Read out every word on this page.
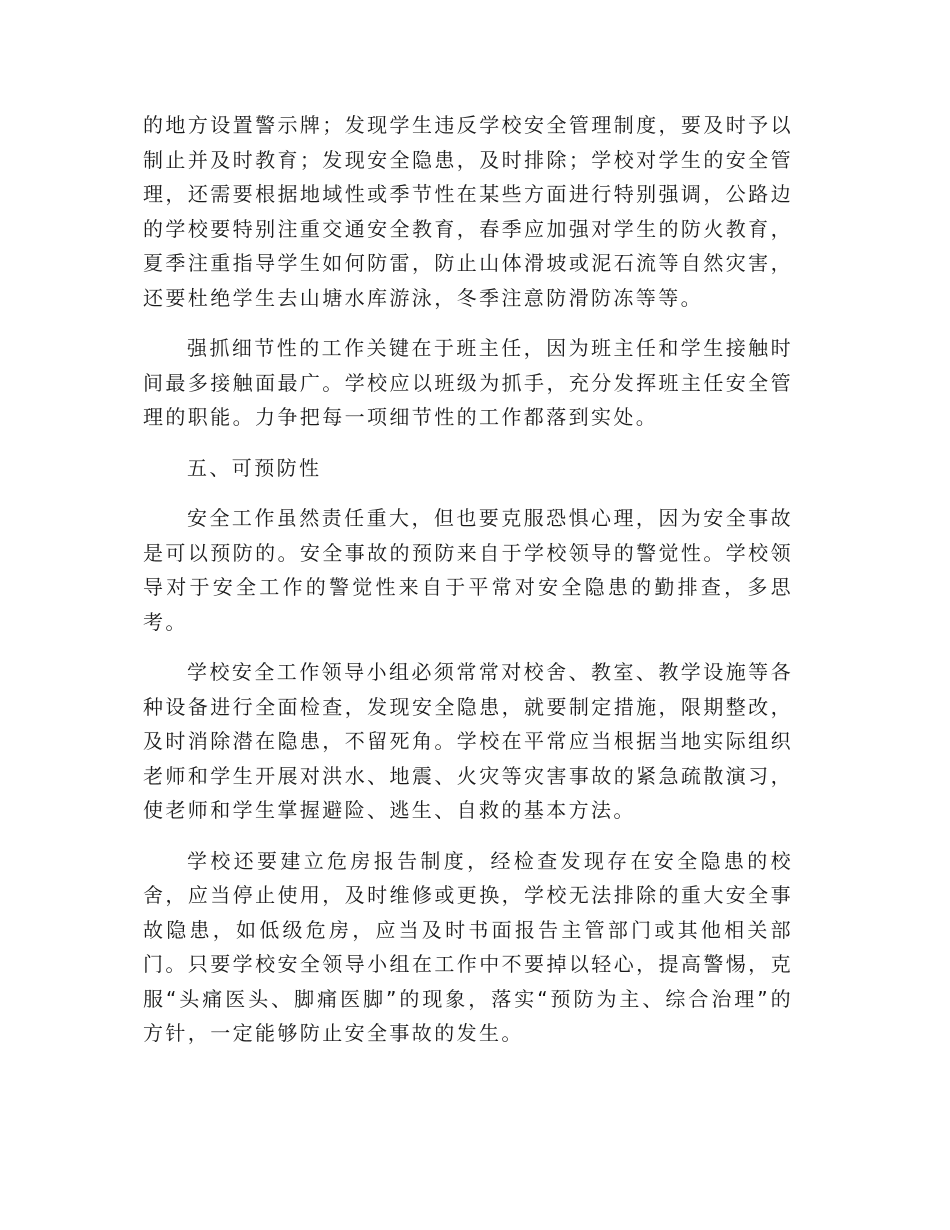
的地方设置警示牌；发现学生违反学校安全管理制度，要及时予以制止并及时教育；发现安全隐患，及时排除；学校对学生的安全管理，还需要根据地域性或季节性在某些方面进行特别强调，公路边的学校要特别注重交通安全教育，春季应加强对学生的防火教育，夏季注重指导学生如何防雷，防止山体滑坡或泥石流等自然灾害，还要杜绝学生去山塘水库游泳，冬季注意防滑防冻等等。

强抓细节性的工作关键在于班主任，因为班主任和学生接触时间最多接触面最广。学校应以班级为抓手，充分发挥班主任安全管理的职能。力争把每一项细节性的工作都落到实处。

五、可预防性

安全工作虽然责任重大，但也要克服恐惧心理，因为安全事故是可以预防的。安全事故的预防来自于学校领导的警觉性。学校领导对于安全工作的警觉性来自于平常对安全隐患的勤排查，多思考。

学校安全工作领导小组必须常常对校舍、教室、教学设施等各种设备进行全面检查，发现安全隐患，就要制定措施，限期整改，及时消除潜在隐患，不留死角。学校在平常应当根据当地实际组织老师和学生开展对洪水、地震、火灾等灾害事故的紧急疏散演习，使老师和学生掌握避险、逃生、自救的基本方法。

学校还要建立危房报告制度，经检查发现存在安全隐患的校舍，应当停止使用，及时维修或更换，学校无法排除的重大安全事故隐患，如低级危房，应当及时书面报告主管部门或其他相关部门。只要学校安全领导小组在工作中不要掉以轻心，提高警惕，克服“头痛医头、脚痛医脚”的现象，落实“预防为主、综合治理”的方针，一定能够防止安全事故的发生。
